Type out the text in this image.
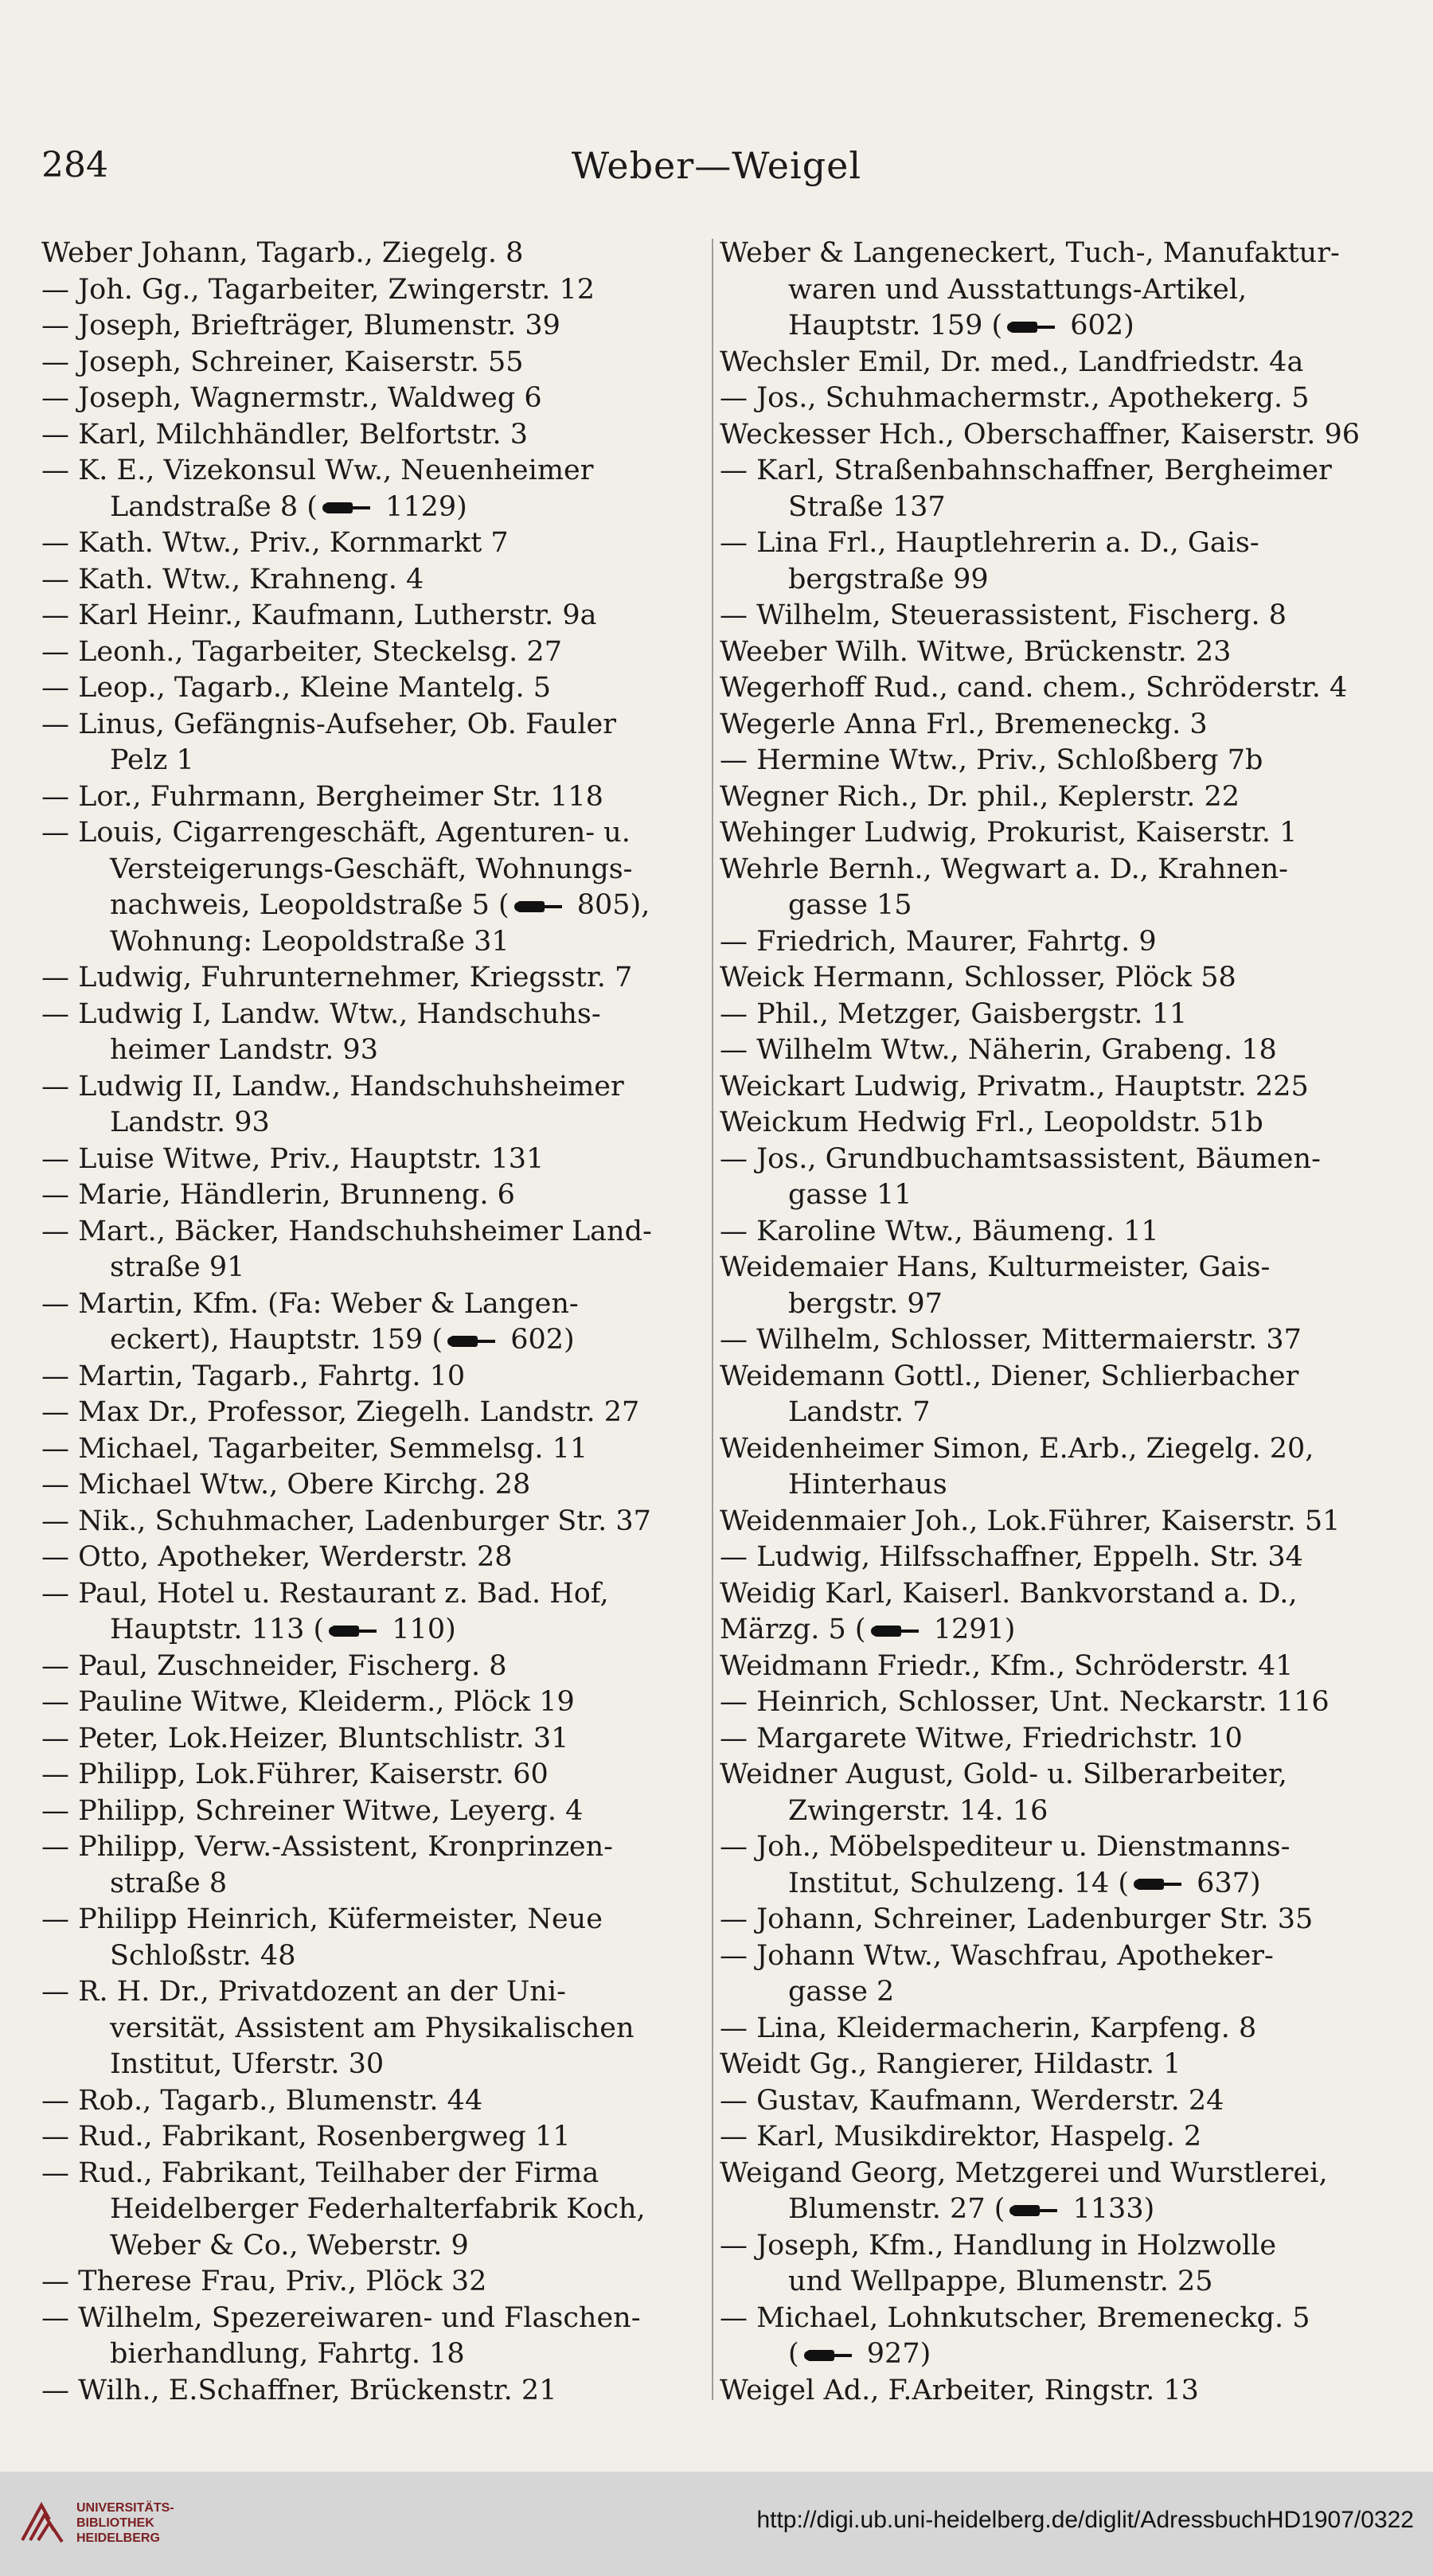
284	Weber—Weigel
Weber Johann, Tagarb., Ziegelg. 8
— Joh. Gg., Tagarbeiter, Zwingerstr. 12
— Joseph, Briefträger, Blumenstr. 39
— Joseph, Schreiner, Kaiserstr. 55
— Joseph, Wagnermstr., Waldweg 6
— Karl, Milchhändler, Belfortstr. 3
— K. E., Vizekonsul Ww., Neuenheimer
Landstraße 8 (
1129)
— Kath. Wtw., Priv., Kornmarkt 7
— Kath. Wtw., Krahneng. 4
— Karl Heinr., Kaufmann, Lutherstr. 9a
— Leonh., Tagarbeiter, Steckelsg. 27
— Leop., Tagarb., Kleine Mantelg. 5
— Linus, Gefängnis-Aufseher, Ob. Fauler
Pelz 1
— Lor., Fuhrmann, Bergheimer Str. 118
— Louis, Cigarrengeschäft, Agenturen- u.
Versteigerungs-Geschäft, Wohnungs-
nachweis, Leopoldstraße 5 (
805),
Wohnung: Leopoldstraße 31
— Ludwig, Fuhrunternehmer, Kriegsstr. 7
— Ludwig I, Landw. Wtw., Handschuhs-
heimer Landstr. 93
— Ludwig II, Landw., Handschuhsheimer
Landstr. 93
— Luise Witwe, Priv., Hauptstr. 131
— Marie, Händlerin, Brunneng. 6
— Mart., Bäcker, Handschuhsheimer Land-
straße 91
— Martin, Kfm. (Fa: Weber & Langen-
eckert), Hauptstr. 159 (
602)
— Martin, Tagarb., Fahrtg. 10
— Max Dr., Professor, Ziegelh. Landstr. 27
— Michael, Tagarbeiter, Semmelsg. 11
— Michael Wtw., Obere Kirchg. 28
— Nik., Schuhmacher, Ladenburger Str. 37
— Otto, Apotheker, Werderstr. 28
— Paul, Hotel u. Restaurant z. Bad. Hof,
Hauptstr. 113 (
110)
— Paul, Zuschneider, Fischerg. 8
— Pauline Witwe, Kleiderm., Plöck 19
— Peter, Lok.Heizer, Bluntschlistr. 31
— Philipp, Lok.Führer, Kaiserstr. 60
— Philipp, Schreiner Witwe, Leyerg. 4
— Philipp, Verw.-Assistent, Kronprinzen-
straße 8
— Philipp Heinrich, Küfermeister, Neue
Schloßstr. 48
— R. H. Dr., Privatdozent an der Uni-
versität, Assistent am Physikalischen
Institut, Uferstr. 30
— Rob., Tagarb., Blumenstr. 44
— Rud., Fabrikant, Rosenbergweg 11
— Rud., Fabrikant, Teilhaber der Firma
Heidelberger Federhalterfabrik Koch,
Weber & Co., Weberstr. 9
— Therese Frau, Priv., Plöck 32
— Wilhelm, Spezereiwaren- und Flaschen-
bierhandlung, Fahrtg. 18
— Wilh., E.Schaffner, Brückenstr. 21
Weber & Langeneckert, Tuch-, Manufaktur-
waren und Ausstattungs-Artikel,
Hauptstr. 159 (
602)
Wechsler Emil, Dr. med., Landfriedstr. 4a
— Jos., Schuhmachermstr., Apothekerg. 5
Weckesser Hch., Oberschaffner, Kaiserstr. 96
— Karl, Straßenbahnschaffner, Bergheimer
Straße 137
— Lina Frl., Hauptlehrerin a. D., Gais-
bergstraße 99
— Wilhelm, Steuerassistent, Fischerg. 8
Weeber Wilh. Witwe, Brückenstr. 23
Wegerhoff Rud., cand. chem., Schröderstr. 4
Wegerle Anna Frl., Bremeneckg. 3
— Hermine Wtw., Priv., Schloßberg 7b
Wegner Rich., Dr. phil., Keplerstr. 22
Wehinger Ludwig, Prokurist, Kaiserstr. 1
Wehrle Bernh., Wegwart a. D., Krahnen-
gasse 15
— Friedrich, Maurer, Fahrtg. 9
Weick Hermann, Schlosser, Plöck 58
— Phil., Metzger, Gaisbergstr. 11
— Wilhelm Wtw., Näherin, Grabeng. 18
Weickart Ludwig, Privatm., Hauptstr. 225
Weickum Hedwig Frl., Leopoldstr. 51b
— Jos., Grundbuchamtsassistent, Bäumen-
gasse 11
— Karoline Wtw., Bäumeng. 11
Weidemaier Hans, Kulturmeister, Gais-
bergstr. 97
— Wilhelm, Schlosser, Mittermaierstr. 37
Weidemann Gottl., Diener, Schlierbacher
Landstr. 7
Weidenheimer Simon, E.Arb., Ziegelg. 20,
Hinterhaus
Weidenmaier Joh., Lok.Führer, Kaiserstr. 51
— Ludwig, Hilfsschaffner, Eppelh. Str. 34
Weidig Karl, Kaiserl. Bankvorstand a. D.,
Märzg. 5 (
1291)
Weidmann Friedr., Kfm., Schröderstr. 41
— Heinrich, Schlosser, Unt. Neckarstr. 116
— Margarete Witwe, Friedrichstr. 10
Weidner August, Gold- u. Silberarbeiter,
Zwingerstr. 14. 16
— Joh., Möbelspediteur u. Dienstmanns-
Institut, Schulzeng. 14 (
637)
— Johann, Schreiner, Ladenburger Str. 35
— Johann Wtw., Waschfrau, Apotheker-
gasse 2
— Lina, Kleidermacherin, Karpfeng. 8
Weidt Gg., Rangierer, Hildastr. 1
— Gustav, Kaufmann, Werderstr. 24
— Karl, Musikdirektor, Haspelg. 2
Weigand Georg, Metzgerei und Wurstlerei,
Blumenstr. 27 (
1133)
— Joseph, Kfm., Handlung in Holzwolle
und Wellpappe, Blumenstr. 25
— Michael, Lohnkutscher, Bremeneckg. 5
(
927)
Weigel Ad., F.Arbeiter, Ringstr. 13
UNIVERSITÄTS-
BIBLIOTHEK
HEIDELBERG
http://digi.ub.uni-heidelberg.de/diglit/AdressbuchHD1907/0322
